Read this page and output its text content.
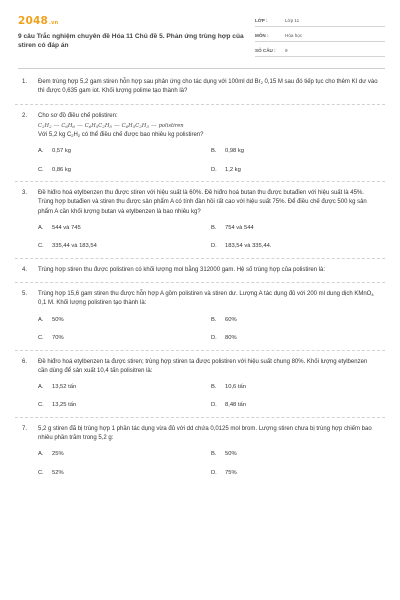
2048.vn
9 câu Trắc nghiệm chuyên đề Hóa 11 Chủ đề 5. Phản ứng trùng hợp của stiren có đáp án
LỚP :	Lớp 11
MÔN :	Hóa học
SỐ CÂU :	9
1. Đem trùng hợp 5,2 gam stiren hỗn hợp sau phản ứng cho tác dụng với 100ml dd $Br_2$ 0,15 M sau đó tiếp tục cho thêm KI dư vào thì được 0,635 gam iot. Khối lượng polime tạo thành là?
2. Cho sơ đồ điều chế polistiren:
$C_2H_2$ ⟶ $C_6H_6$ ⟶ $C_6H_5C_2H_5$ ⟶ $C_6H_5C_2H_3$ ⟶ polistiren
Với 5,2 kg $C_2H_2$ có thể điều chế được bao nhiêu kg polistiren?
A.	0,57 kg	B.	0,98 kg
C.	0,86 kg	D.	1,2 kg
3. Đề hiđro hoá etylbenzen thu được stiren với hiệu suất là 60%. Đề hiđro hoá butan thu được butađien với hiệu suất là 45%. Trùng hợp butađien và stiren thu được sản phẩm A có tính đàn hồi rất cao với hiệu suất 75%. Để điều chế được 500 kg sản phẩm A cần khối lượng butan và etylbenzen là bao nhiêu kg?
A.	544 và 745	B.	754 và 544
C.	335,44 và 183,54	D.	183,54 và 335,44.
4. Trùng hợp stiren thu được polistiren có khối lượng mol bằng 312000 gam. Hệ số trùng hợp của polistiren là:
5. Trùng hợp 15,6 gam stiren thu được hỗn hợp A gồm polistiren và stiren dư. Lượng A tác dụng đủ với 200 ml dung dịch KMnO$_4$ 0,1 M. Khối lượng polistiren tạo thành là:
A.	50%	B.	60%
C.	70%	D.	80%
6. Đề hiđro hoá etylbenzen ta được stiren; trùng hợp stiren ta được polistiren với hiệu suất chung 80%. Khối lượng etylbenzen cần dùng để sản xuất 10,4 tấn polisitren là:
A.	13,52 tấn	B.	10,6 tấn
C.	13,25 tấn	D.	8,48 tấn
7. 5,2 g stiren đã bị trùng hợp 1 phần tác dụng vừa đủ với dd chứa 0,0125 mol brom. Lượng stiren chưa bị trùng hợp chiếm bao nhiêu phần trăm trong 5,2 g:
A.	25%	B.	50%
C.	52%	D.	75%
